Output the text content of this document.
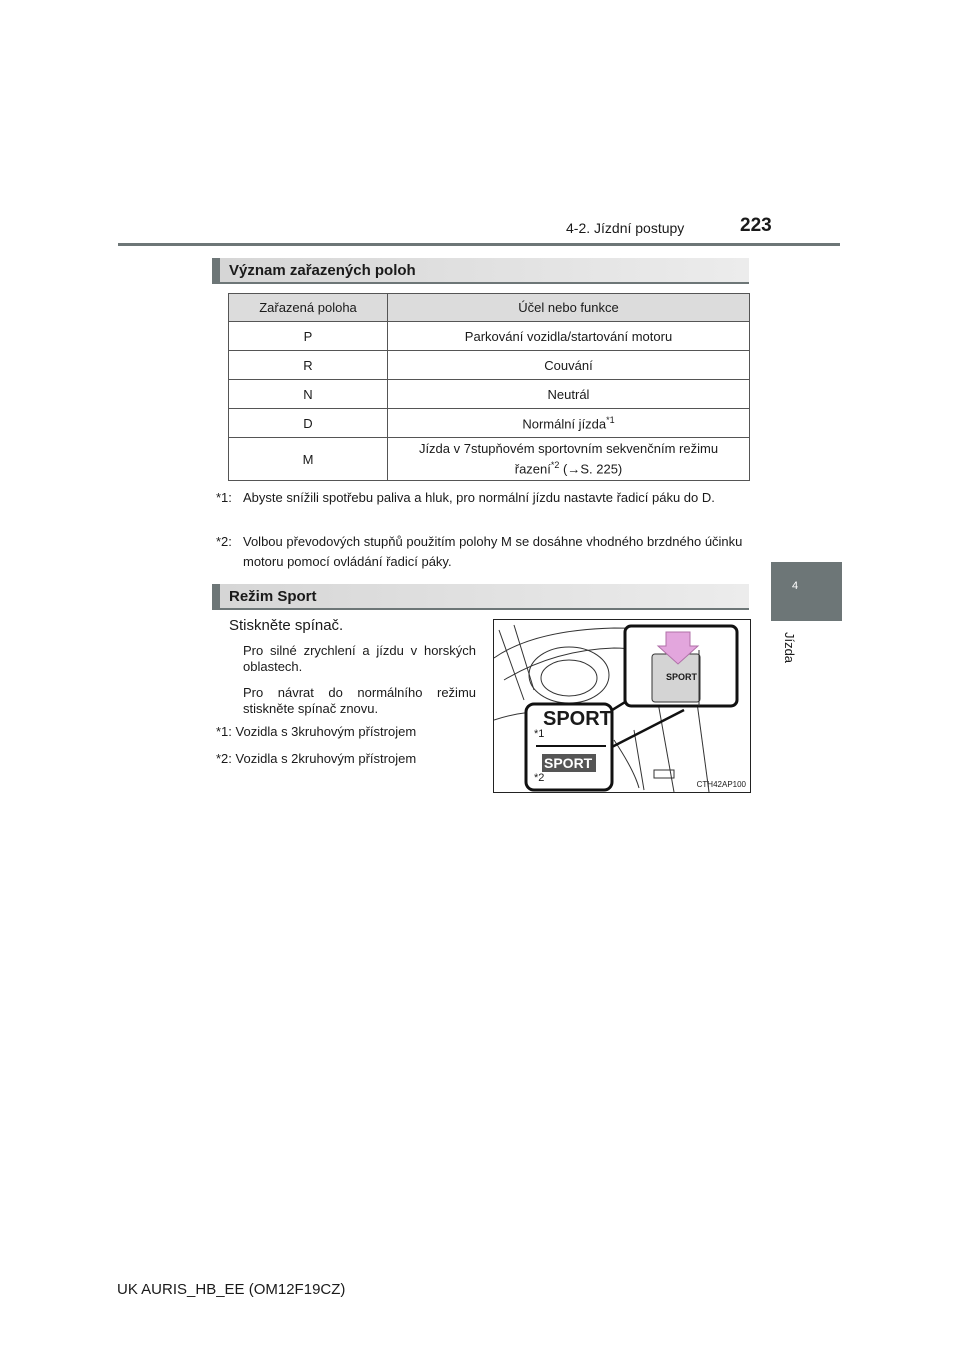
4-2. Jízdní postupy	223
4
Jízda
Význam zařazených poloh
Zařazená poloha	Účel nebo funkce
P	Parkování vozidla/startování motoru
R	Couvání
N	Neutrál
D	Normální jízda$^{*1}$
M	Jízda v 7stupňovém sportovním sekvenčním režimu
řazení$^{*2}$ (→S. 225)
*1: Abyste snížili spotřebu paliva a hluk, pro normální jízdu nastavte řadicí páku do D.
*2: Volbou převodových stupňů použitím polohy M se dosáhne vhodného brzdného účinku motoru pomocí ovládání řadicí páky.
Režim Sport
Stiskněte spínač.
Pro silné zrychlení a jízdu v horských oblastech.
Pro návrat do normálního režimu stiskněte spínač znovu.
*1: Vozidla s 3kruhovým přístrojem
*2: Vozidla s 2kruhovým přístrojem
SPORT
SPORT
SPORT
*1
*2
CTH42AP100
UK AURIS_HB_EE (OM12F19CZ)
